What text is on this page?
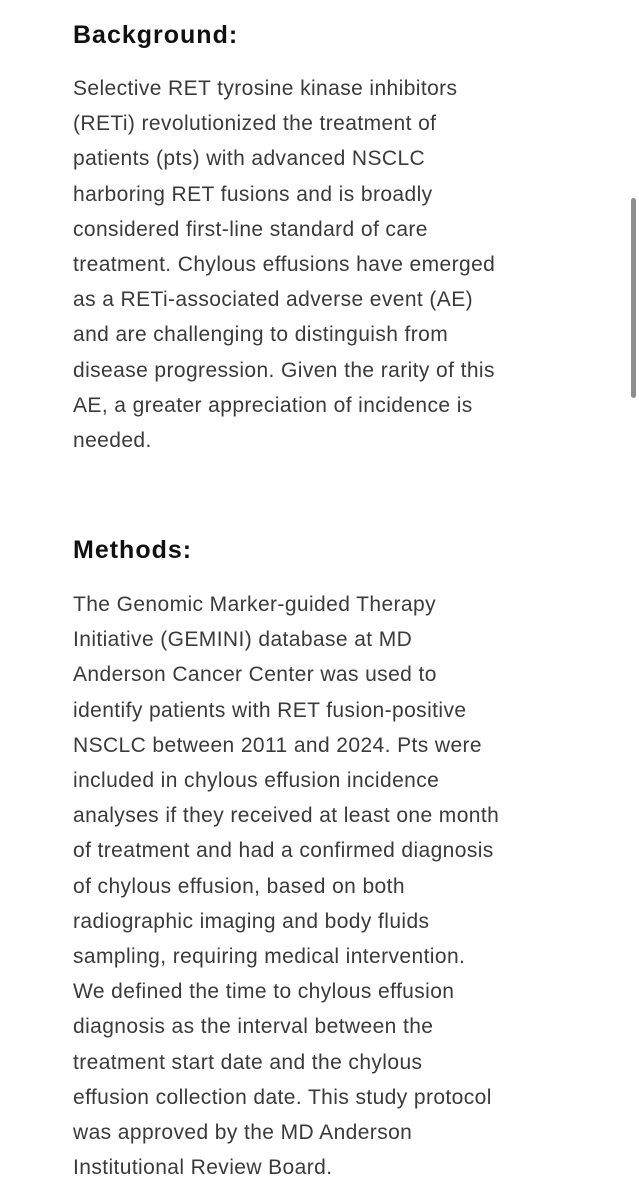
Background:

Selective RET tyrosine kinase inhibitors
(RETi) revolutionized the treatment of
patients (pts) with advanced NSCLC
harboring RET fusions and is broadly
considered first-line standard of care
treatment. Chylous effusions have emerged
as a RETi-associated adverse event (AE)
and are challenging to distinguish from
disease progression. Given the rarity of this
AE, a greater appreciation of incidence is
needed.

Methods:

The Genomic Marker-guided Therapy
Initiative (GEMINI) database at MD
Anderson Cancer Center was used to
identify patients with RET fusion-positive
NSCLC between 2011 and 2024. Pts were
included in chylous effusion incidence
analyses if they received at least one month
of treatment and had a confirmed diagnosis
of chylous effusion, based on both
radiographic imaging and body fluids
sampling, requiring medical intervention.
We defined the time to chylous effusion
diagnosis as the interval between the
treatment start date and the chylous
effusion collection date. This study protocol
was approved by the MD Anderson
Institutional Review Board.
